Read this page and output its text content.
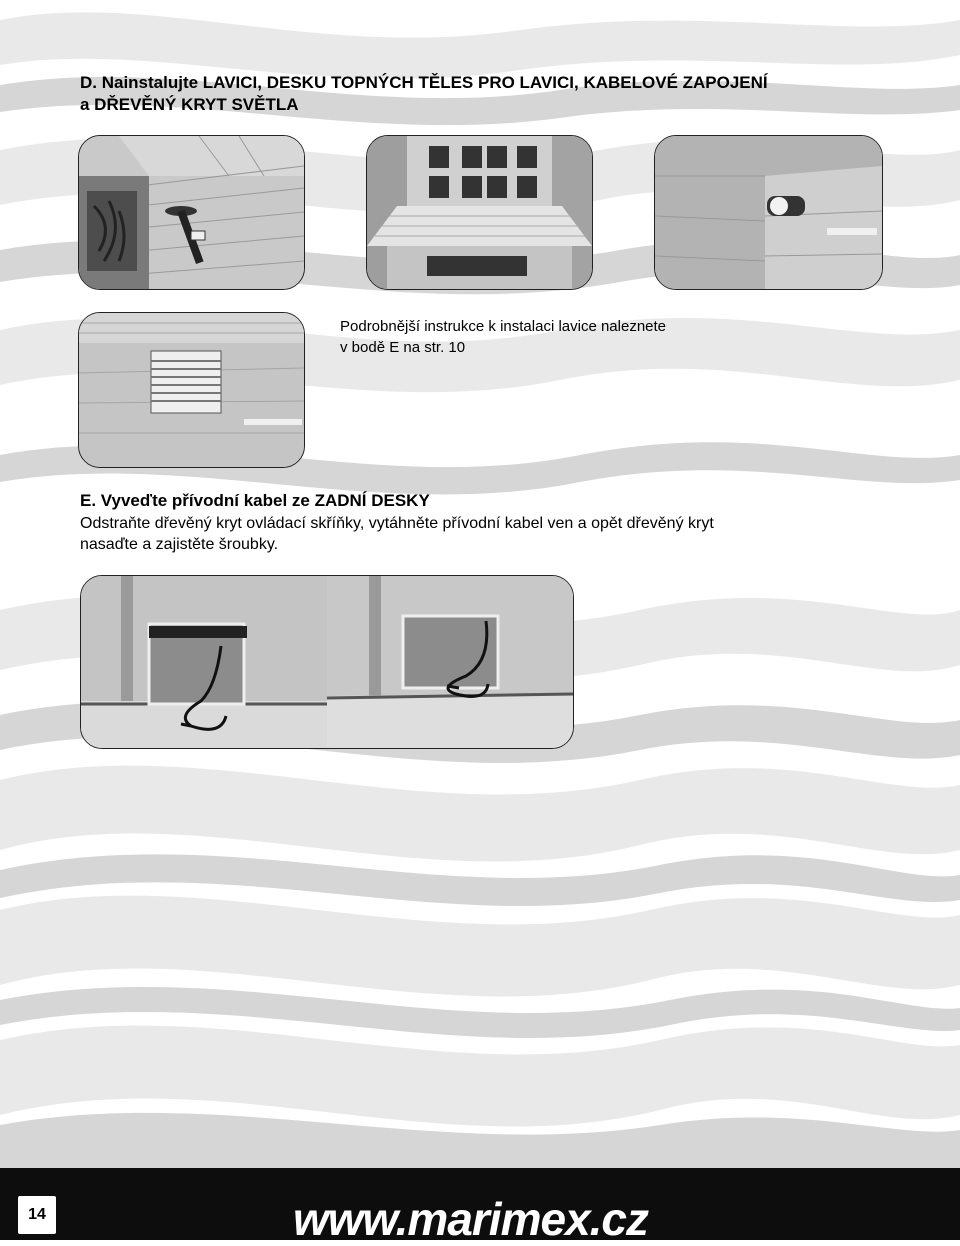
D. Nainstalujte LAVICI, DESKU TOPNÝCH TĚLES PRO LAVICI, KABELOVÉ ZAPOJENÍ
a DŘEVĚNÝ KRYT SVĚTLA
Podrobnější instrukce k instalaci lavice naleznete
v bodě E na str. 10
E. Vyveďte přívodní kabel ze ZADNÍ DESKY
Odstraňte dřevěný kryt ovládací skříňky, vytáhněte přívodní kabel ven a opět dřevěný kryt
nasaďte a zajistěte šroubky.
14	www.marimex.cz
